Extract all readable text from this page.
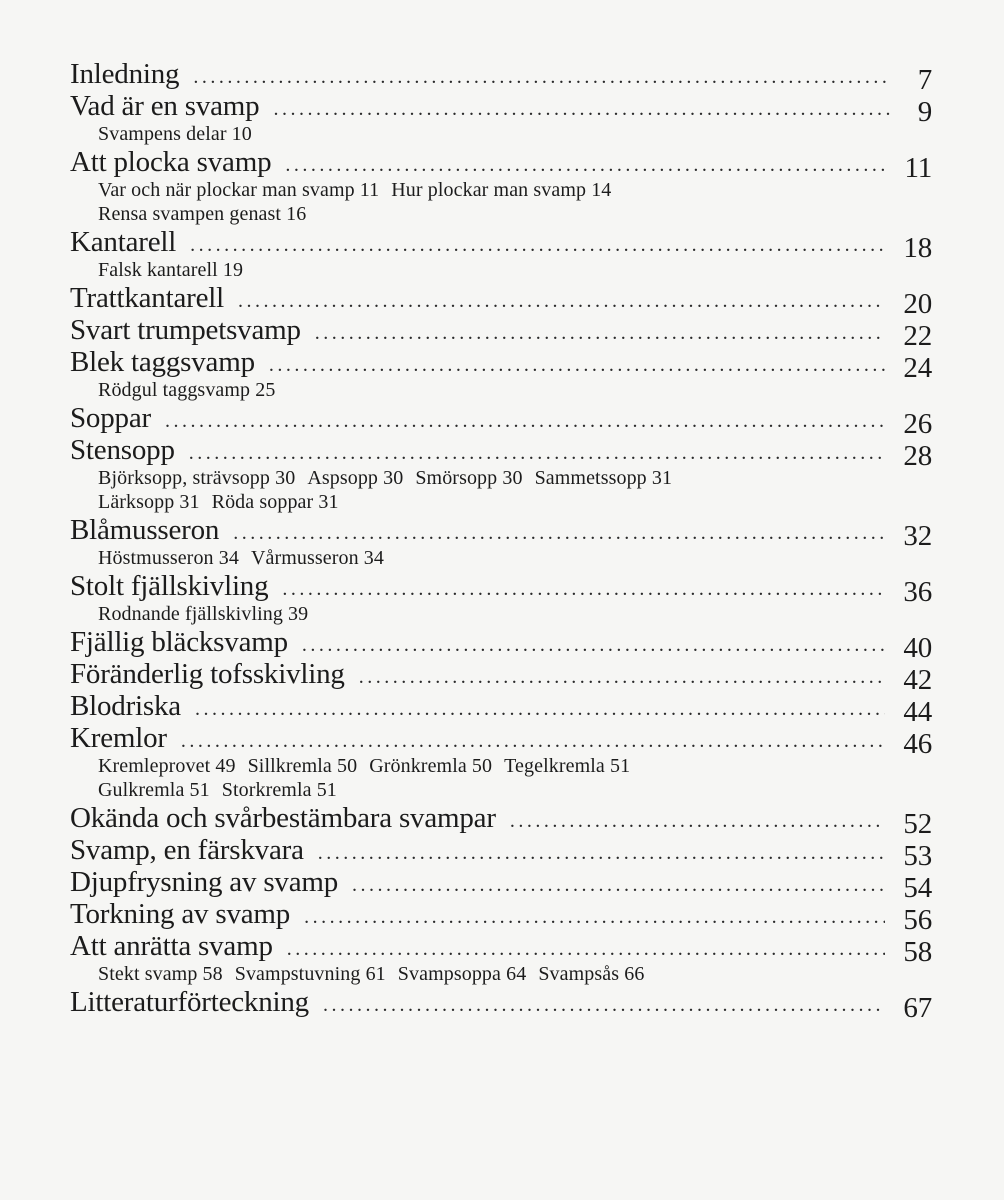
Inledning . . .	7
Vad är en svamp . . .	9
Svampens delar 10
Att plocka svamp . . .	11
Var och när plockar man svamp 11 Hur plockar man svamp 14
Rensa svampen genast 16
Kantarell . . .	18
Falsk kantarell 19
Trattkantarell . . .	20
Svart trumpetsvamp . . .	22
Blek taggsvamp . . .	24
Rödgul taggsvamp 25
Soppar . . .	26
Stensopp . . .	28
Björksopp, strävsopp 30 Aspsopp 30 Smörsopp 30 Sammetssopp 31
Lärksopp 31 Röda soppar 31
Blåmusseron . . .	32
Höstmusseron 34 Vårmusseron 34
Stolt fjällskivling . . .	36
Rodnande fjällskivling 39
Fjällig bläcksvamp . . .	40
Föränderlig tofsskivling . . .	42
Blodriska . . .	44
Kremlor . . .	46
Kremleprovet 49 Sillkremla 50 Grönkremla 50 Tegelkremla 51
Gulkremla 51 Storkremla 51
Okända och svårbestämbara svampar . . .	52
Svamp, en färskvara . . .	53
Djupfrysning av svamp . . .	54
Torkning av svamp . . .	56
Att anrätta svamp . . .	58
Stekt svamp 58 Svampstuvning 61 Svampsoppa 64 Svampsås 66
Litteraturförteckning . . .	67
